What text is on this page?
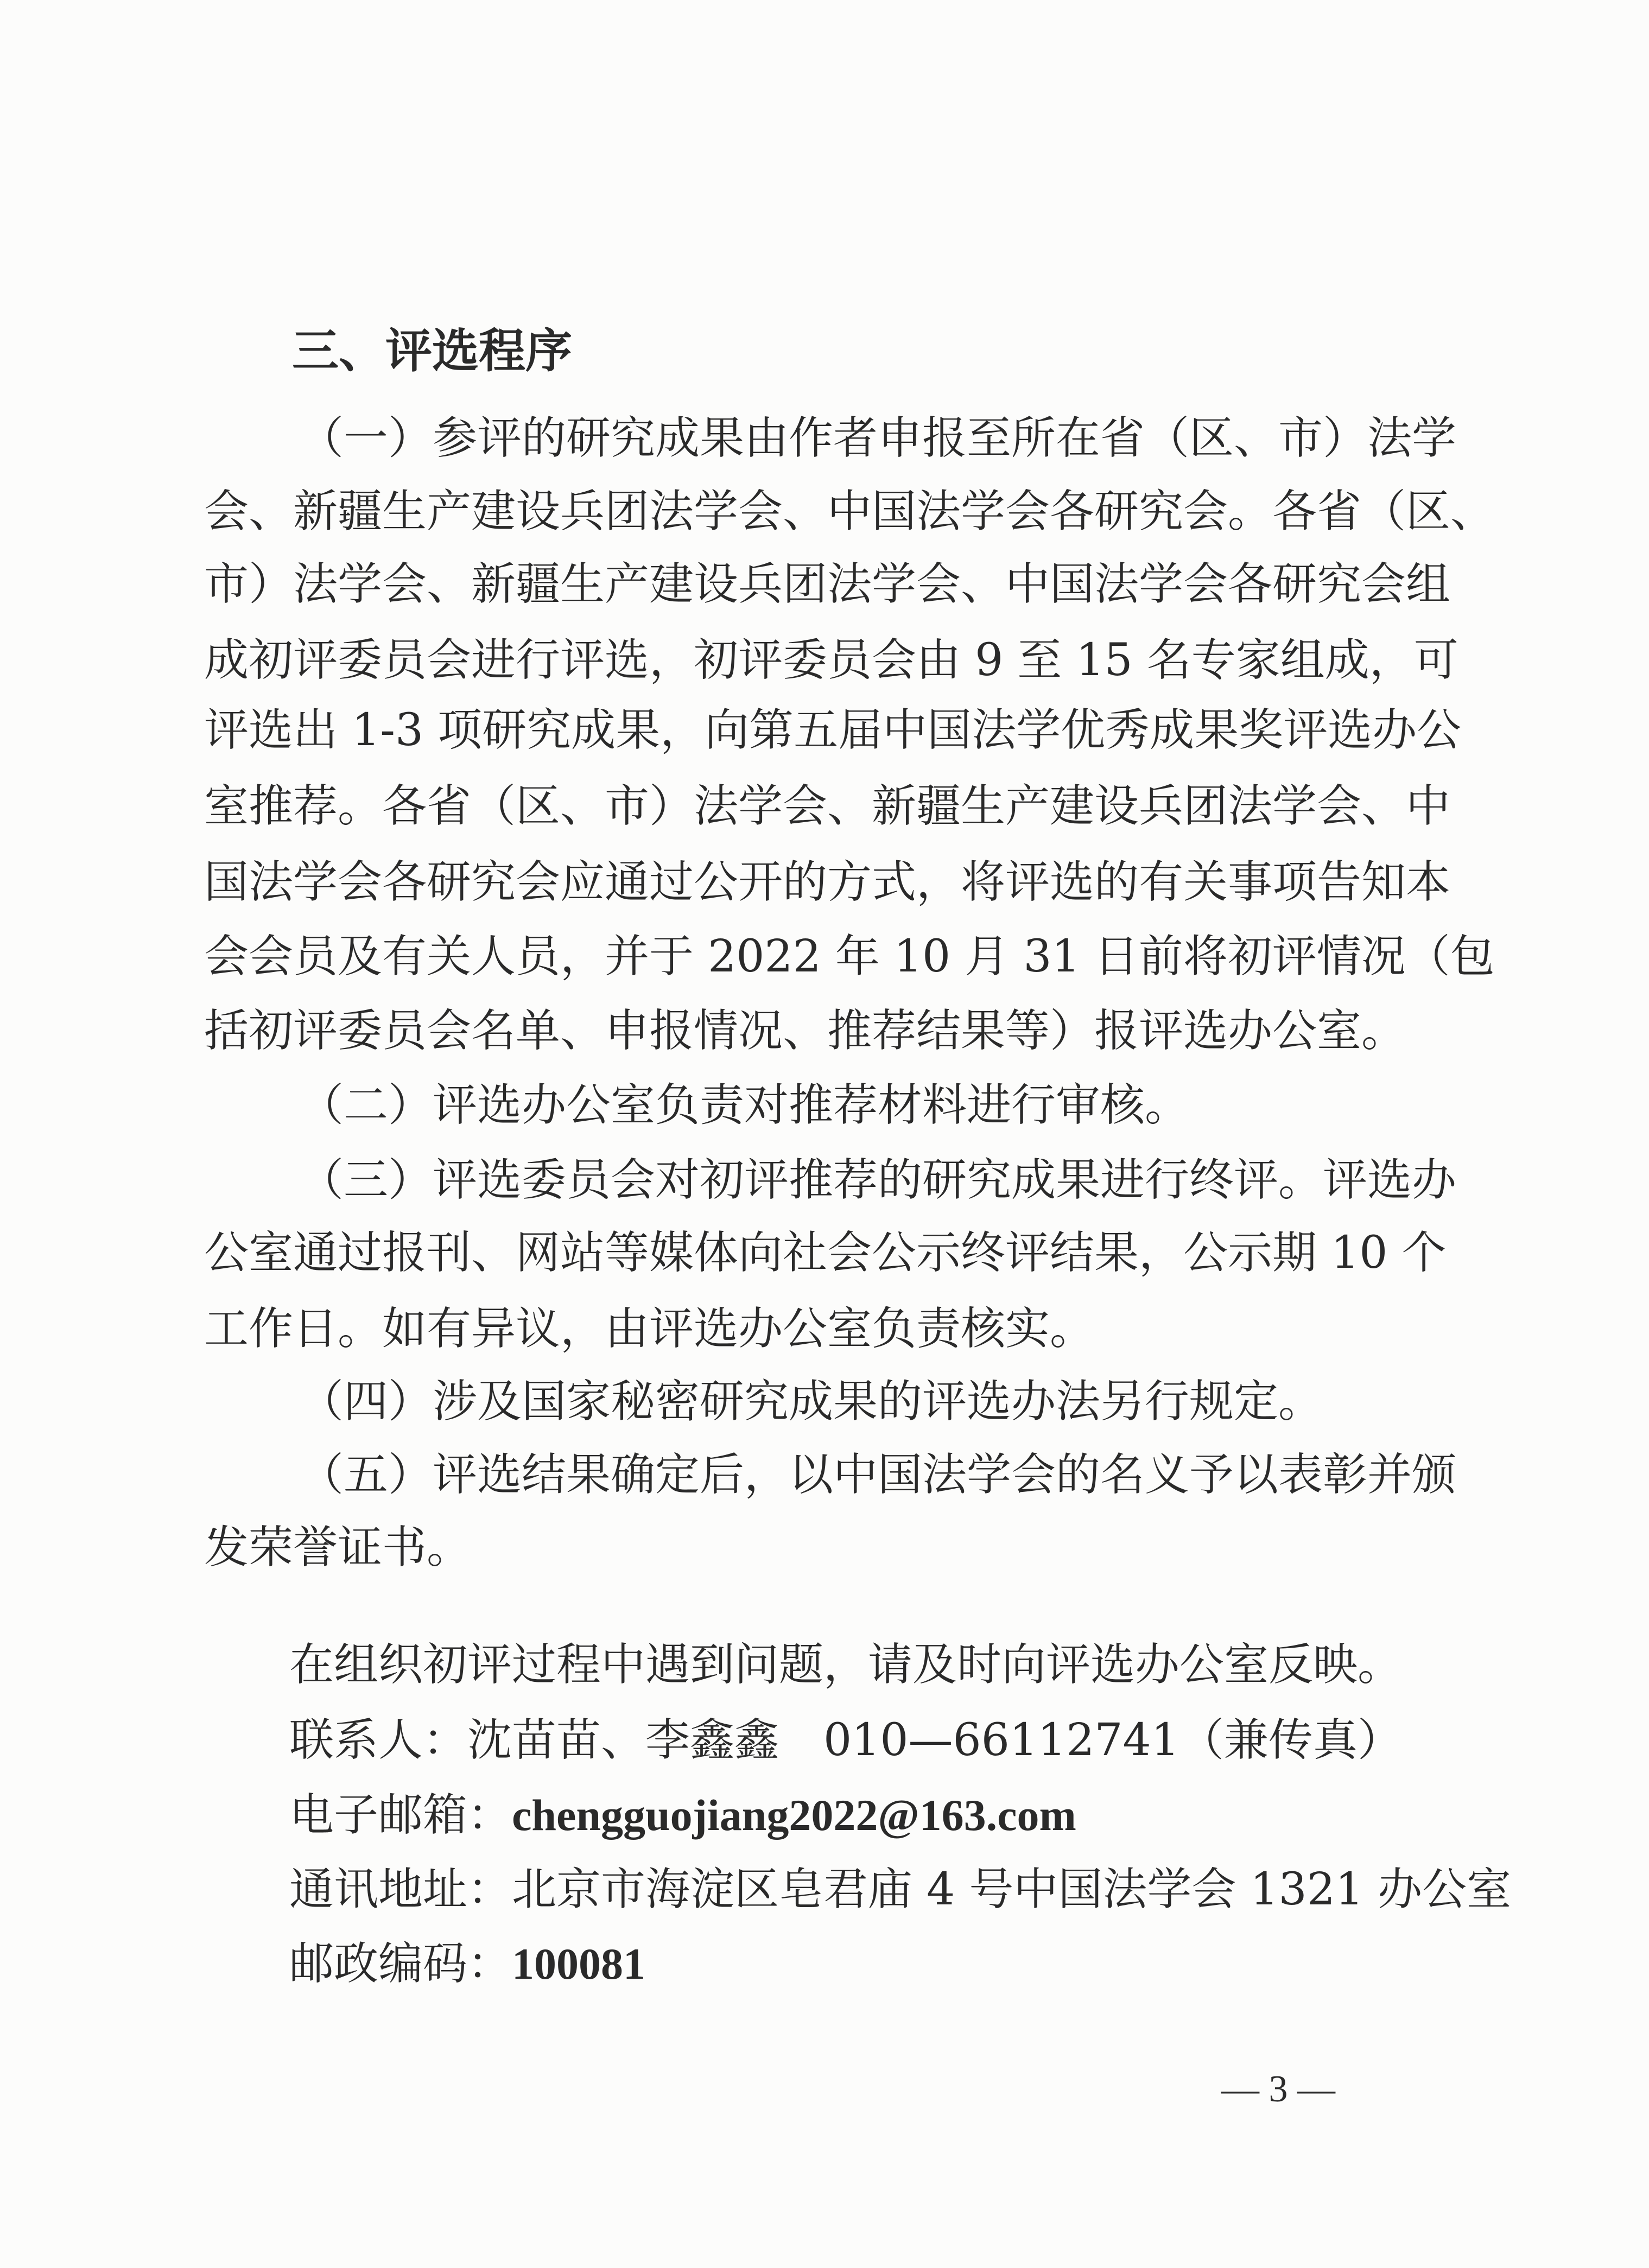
三、评选程序
（一）参评的研究成果由作者申报至所在省（区、市）法学
会、新疆生产建设兵团法学会、中国法学会各研究会。各省（区、
市）法学会、新疆生产建设兵团法学会、中国法学会各研究会组
成初评委员会进行评选，初评委员会由 9 至 15 名专家组成，可
评选出 1-3 项研究成果，向第五届中国法学优秀成果奖评选办公
室推荐。各省（区、市）法学会、新疆生产建设兵团法学会、中
国法学会各研究会应通过公开的方式，将评选的有关事项告知本
会会员及有关人员，并于 2022 年 10 月 31 日前将初评情况（包
括初评委员会名单、申报情况、推荐结果等）报评选办公室。
（二）评选办公室负责对推荐材料进行审核。
（三）评选委员会对初评推荐的研究成果进行终评。评选办
公室通过报刊、网站等媒体向社会公示终评结果，公示期 10 个
工作日。如有异议，由评选办公室负责核实。
（四）涉及国家秘密研究成果的评选办法另行规定。
（五）评选结果确定后，以中国法学会的名义予以表彰并颁
发荣誉证书。
在组织初评过程中遇到问题，请及时向评选办公室反映。
联系人：沈苗苗、李鑫鑫　010—66112741（兼传真）
电子邮箱：chengguojiang2022@163.com
通讯地址：北京市海淀区皂君庙 4 号中国法学会 1321 办公室
邮政编码：100081
— 3 —
